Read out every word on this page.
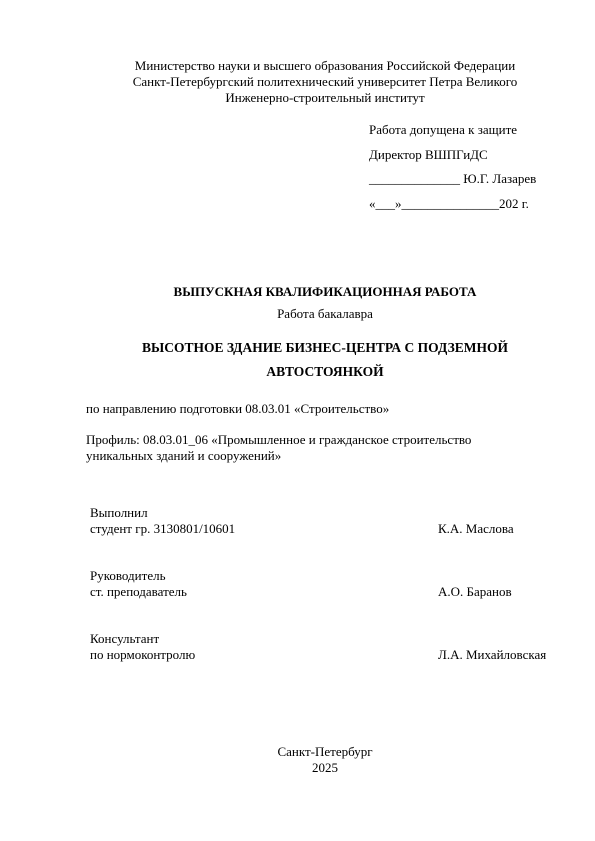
Министерство науки и высшего образования Российской Федерации
Санкт-Петербургский политехнический университет Петра Великого
Инженерно-строительный институт
Работа допущена к защите
Директор ВШПГиДС
______________ Ю.Г. Лазарев
«___»_______________202 г.
ВЫПУСКНАЯ КВАЛИФИКАЦИОННАЯ РАБОТА
Работа бакалавра
ВЫСОТНОЕ ЗДАНИЕ БИЗНЕС-ЦЕНТРА С ПОДЗЕМНОЙ
АВТОСТОЯНКОЙ
по направлению подготовки 08.03.01 «Строительство»
Профиль: 08.03.01_06 «Промышленное и гражданское строительство
уникальных зданий и сооружений»
Выполнил
студент гр. 3130801/10601	К.А. Маслова
Руководитель
ст. преподаватель	А.О. Баранов
Консультант
по нормоконтролю	Л.А. Михайловская
Санкт-Петербург
2025
